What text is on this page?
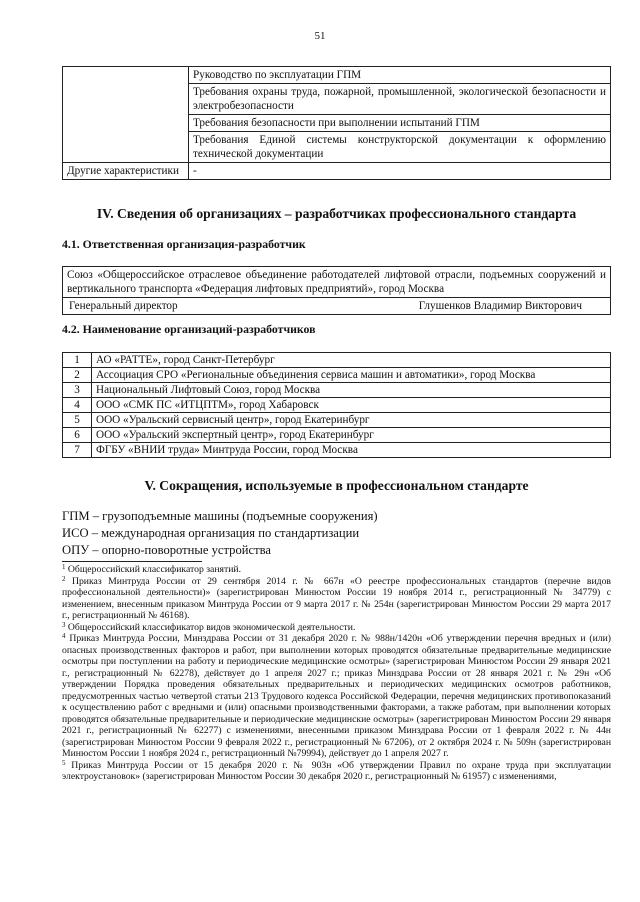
51
	Руководство по эксплуатации ГПМ
	Требования охраны труда, пожарной, промышленной, экологической безопасности и электробезопасности
	Требования безопасности при выполнении испытаний ГПМ
	Требования Единой системы конструкторской документации к оформлению технической документации
Другие характеристики	-
IV. Сведения об организациях – разработчиках профессионального стандарта
4.1. Ответственная организация-разработчик
Союз «Общероссийское отраслевое объединение работодателей лифтовой отрасли, подъемных сооружений и вертикального транспорта «Федерация лифтовых предприятий», город Москва
Генеральный директор	Глушенков Владимир Викторович
4.2. Наименование организаций-разработчиков
1	АО «РАТТЕ», город Санкт-Петербург
2	Ассоциация СРО «Региональные объединения сервиса машин и автоматики», город Москва
3	Национальный Лифтовый Союз, город Москва
4	ООО «СМК ПС «ИТЦПТМ», город Хабаровск
5	ООО «Уральский сервисный центр», город Екатеринбург
6	ООО «Уральский экспертный центр», город Екатеринбург
7	ФГБУ «ВНИИ труда» Минтруда России, город Москва
V. Сокращения, используемые в профессиональном стандарте
ГПМ – грузоподъемные машины (подъемные сооружения)
ИСО – международная организация по стандартизации
ОПУ – опорно-поворотные устройства

$^1$ Общероссийский классификатор занятий.

$^2$ Приказ Минтруда России от 29 сентября 2014 г. № 667н «О реестре профессиональных стандартов (перечне видов профессиональной деятельности)» (зарегистрирован Минюстом России 19 ноября 2014 г., регистрационный № 34779) с изменением, внесенным приказом Минтруда России от 9 марта 2017 г. № 254н (зарегистрирован Минюстом России 29 марта 2017 г., регистрационный № 46168).

$^3$ Общероссийский классификатор видов экономической деятельности.

$^4$ Приказ Минтруда России, Минздрава России от 31 декабря 2020 г. № 988н/1420н «Об утверждении перечня вредных и (или) опасных производственных факторов и работ, при выполнении которых проводятся обязательные предварительные медицинские осмотры при поступлении на работу и периодические медицинские осмотры» (зарегистрирован Минюстом России 29 января 2021 г., регистрационный № 62278), действует до 1 апреля 2027 г.; приказ Минздрава России от 28 января 2021 г. № 29н «Об утверждении Порядка проведения обязательных предварительных и периодических медицинских осмотров работников, предусмотренных частью четвертой статьи 213 Трудового кодекса Российской Федерации, перечня медицинских противопоказаний к осуществлению работ с вредными и (или) опасными производственными факторами, а также работам, при выполнении которых проводятся обязательные предварительные и периодические медицинские осмотры» (зарегистрирован Минюстом России 29 января 2021 г., регистрационный № 62277) с изменениями, внесенными приказом Минздрава России от 1 февраля 2022 г. № 44н (зарегистрирован Минюстом России 9 февраля 2022 г., регистрационный № 67206), от 2 октября 2024 г. № 509н (зарегистрирован Минюстом России 1 ноября 2024 г., регистрационный №79994), действует до 1 апреля 2027 г.

$^5$ Приказ Минтруда России от 15 декабря 2020 г. № 903н «Об утверждении Правил по охране труда при эксплуатации электроустановок» (зарегистрирован Минюстом России 30 декабря 2020 г., регистрационный № 61957) с изменениями,
